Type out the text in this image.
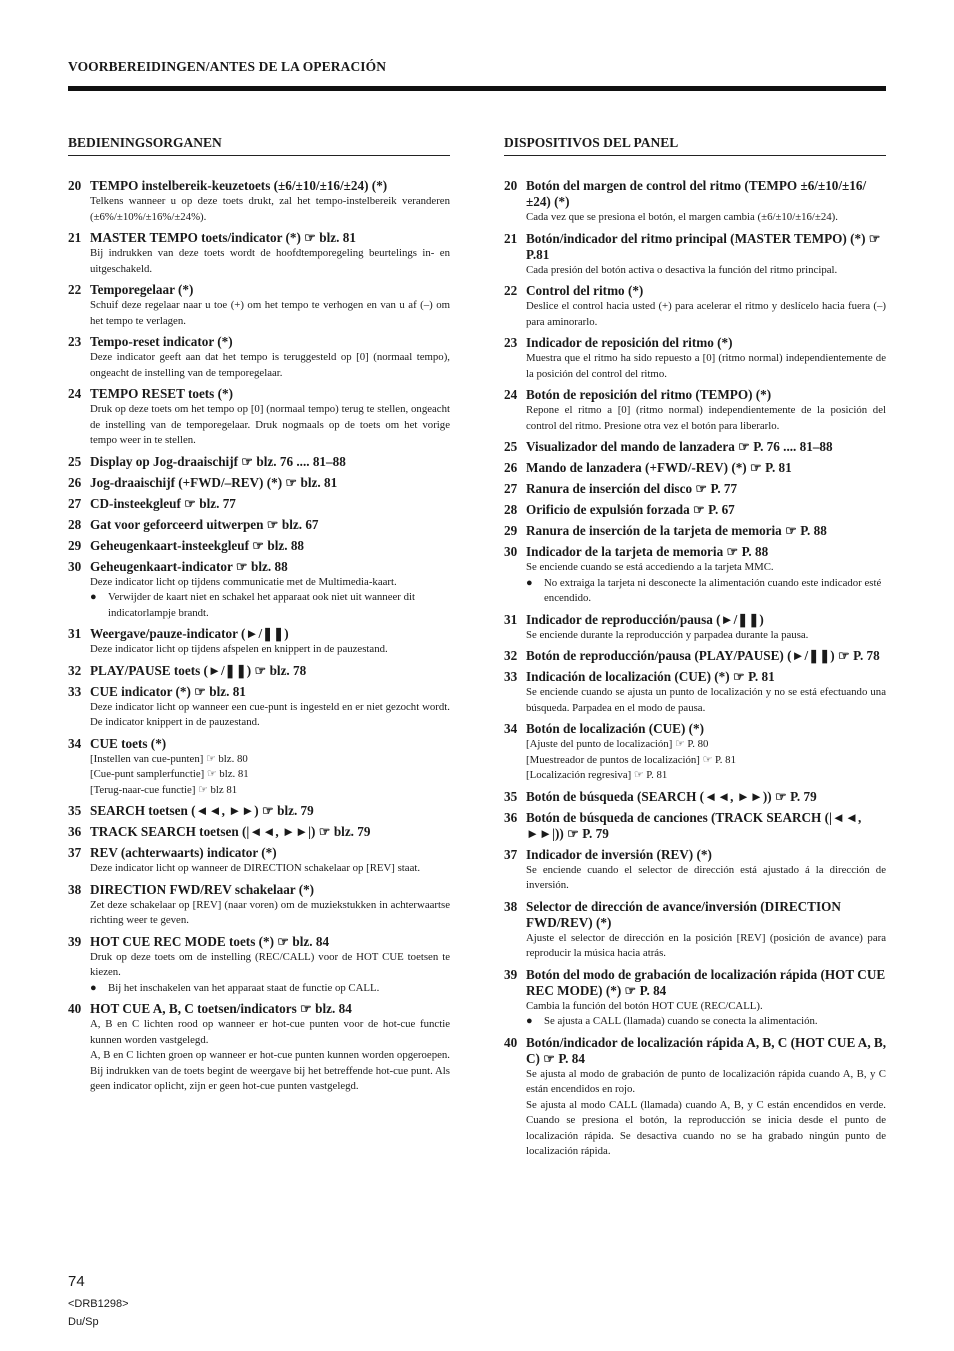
VOORBEREIDINGEN/ANTES DE LA OPERACIÓN
BEDIENINGSORGANEN
20 TEMPO instelbereik-keuzetoets (±6/±10/±16/±24) (*)
Telkens wanneer u op deze toets drukt, zal het tempo-instelbereik veranderen (±6%/±10%/±16%/±24%).
21 MASTER TEMPO toets/indicator (*) ☞ blz. 81
Bij indrukken van deze toets wordt de hoofdtemporegeling beurtelings in- en uitgeschakeld.
22 Temporegelaar (*)
Schuif deze regelaar naar u toe (+) om het tempo te verhogen en van u af (–) om het tempo te verlagen.
23 Tempo-reset indicator (*)
Deze indicator geeft aan dat het tempo is teruggesteld op [0] (normaal tempo), ongeacht de instelling van de temporegelaar.
24 TEMPO RESET toets (*)
Druk op deze toets om het tempo op [0] (normaal tempo) terug te stellen, ongeacht de instelling van de temporegelaar. Druk nogmaals op de toets om het vorige tempo weer in te stellen.
25 Display op Jog-draaischijf ☞ blz. 76 .... 81–88
26 Jog-draaischijf (+FWD/–REV) (*) ☞ blz. 81
27 CD-insteekgleuf ☞ blz. 77
28 Gat voor geforceerd uitwerpen ☞ blz. 67
29 Geheugenkaart-insteekgleuf ☞ blz. 88
30 Geheugenkaart-indicator ☞ blz. 88
Deze indicator licht op tijdens communicatie met de Multimedia-kaart.
●	Verwijder de kaart niet en schakel het apparaat ook niet uit wanneer dit indicatorlampje brandt.
31 Weergave/pauze-indicator (►/❚❚)
Deze indicator licht op tijdens afspelen en knippert in de pauzestand.
32 PLAY/PAUSE toets (►/❚❚) ☞ blz. 78
33 CUE indicator (*) ☞ blz. 81
Deze indicator licht op wanneer een cue-punt is ingesteld en er niet gezocht wordt. De indicator knippert in de pauzestand.
34 CUE toets (*)
[Instellen van cue-punten] ☞ blz. 80
[Cue-punt samplerfunctie] ☞ blz. 81
[Terug-naar-cue functie] ☞ blz 81
35 SEARCH toetsen (◄◄, ►►) ☞ blz. 79
36 TRACK SEARCH toetsen (|◄◄, ►►|) ☞ blz. 79
37 REV (achterwaarts) indicator (*)
Deze indicator licht op wanneer de DIRECTION schakelaar op [REV] staat.
38 DIRECTION FWD/REV schakelaar (*)
Zet deze schakelaar op [REV] (naar voren) om de muziekstukken in achterwaartse richting weer te geven.
39 HOT CUE REC MODE toets (*) ☞ blz. 84
Druk op deze toets om de instelling (REC/CALL) voor de HOT CUE toetsen te kiezen.
●	Bij het inschakelen van het apparaat staat de functie op CALL.
40 HOT CUE A, B, C toetsen/indicators ☞ blz. 84
A, B en C lichten rood op wanneer er hot-cue punten voor de hot-cue functie kunnen worden vastgelegd.
A, B en C lichten groen op wanneer er hot-cue punten kunnen worden opgeroepen. Bij indrukken van de toets begint de weergave bij het betreffende hot-cue punt. Als geen indicator oplicht, zijn er geen hot-cue punten vastgelegd.
DISPOSITIVOS DEL PANEL
20 Botón del margen de control del ritmo (TEMPO ±6/±10/±16/±24) (*)
Cada vez que se presiona el botón, el margen cambia (±6/±10/±16/±24).
21 Botón/indicador del ritmo principal (MASTER TEMPO) (*) ☞ P.81
Cada presión del botón activa o desactiva la función del ritmo principal.
22 Control del ritmo (*)
Deslice el control hacia usted (+) para acelerar el ritmo y deslícelo hacia fuera (–) para aminorarlo.
23 Indicador de reposición del ritmo (*)
Muestra que el ritmo ha sido repuesto a [0] (ritmo normal) independientemente de la posición del control del ritmo.
24 Botón de reposición del ritmo (TEMPO) (*)
Repone el ritmo a [0] (ritmo normal) independientemente de la posición del control del ritmo. Presione otra vez el botón para liberarlo.
25 Visualizador del mando de lanzadera ☞ P. 76 .... 81–88
26 Mando de lanzadera (+FWD/-REV) (*) ☞ P. 81
27 Ranura de inserción del disco ☞ P. 77
28 Orificio de expulsión forzada ☞ P. 67
29 Ranura de inserción de la tarjeta de memoria ☞ P. 88
30 Indicador de la tarjeta de memoria ☞ P. 88
Se enciende cuando se está accediendo a la tarjeta MMC.
●	No extraiga la tarjeta ni desconecte la alimentación cuando este indicador esté encendido.
31 Indicador de reproducción/pausa (►/❚❚)
Se enciende durante la reproducción y parpadea durante la pausa.
32 Botón de reproducción/pausa (PLAY/PAUSE) (►/❚❚) ☞ P. 78
33 Indicación de localización (CUE) (*) ☞ P. 81
Se enciende cuando se ajusta un punto de localización y no se está efectuando una búsqueda. Parpadea en el modo de pausa.
34 Botón de localización (CUE) (*)
[Ajuste del punto de localización] ☞ P. 80
[Muestreador de puntos de localización] ☞ P. 81
[Localización regresiva] ☞ P. 81
35 Botón de búsqueda (SEARCH (◄◄, ►►)) ☞ P. 79
36 Botón de búsqueda de canciones (TRACK SEARCH (|◄◄, ►►|)) ☞ P. 79
37 Indicador de inversión (REV) (*)
Se enciende cuando el selector de dirección está ajustado á la dirección de inversión.
38 Selector de dirección de avance/inversión (DIRECTION FWD/REV) (*)
Ajuste el selector de dirección en la posición [REV] (posición de avance) para reproducir la música hacia atrás.
39 Botón del modo de grabación de localización rápida (HOT CUE REC MODE) (*) ☞ P. 84
Cambia la función del botón HOT CUE (REC/CALL).
●	Se ajusta a CALL (llamada) cuando se conecta la alimentación.
40 Botón/indicador de localización rápida A, B, C (HOT CUE A, B, C) ☞ P. 84
Se ajusta al modo de grabación de punto de localización rápida cuando A, B, y C están encendidos en rojo.
Se ajusta al modo CALL (llamada) cuando A, B, y C están encendidos en verde. Cuando se presiona el botón, la reproducción se inicia desde el punto de localización rápida. Se desactiva cuando no se ha grabado ningún punto de localización rápida.
74
<DRB1298>
Du/Sp
